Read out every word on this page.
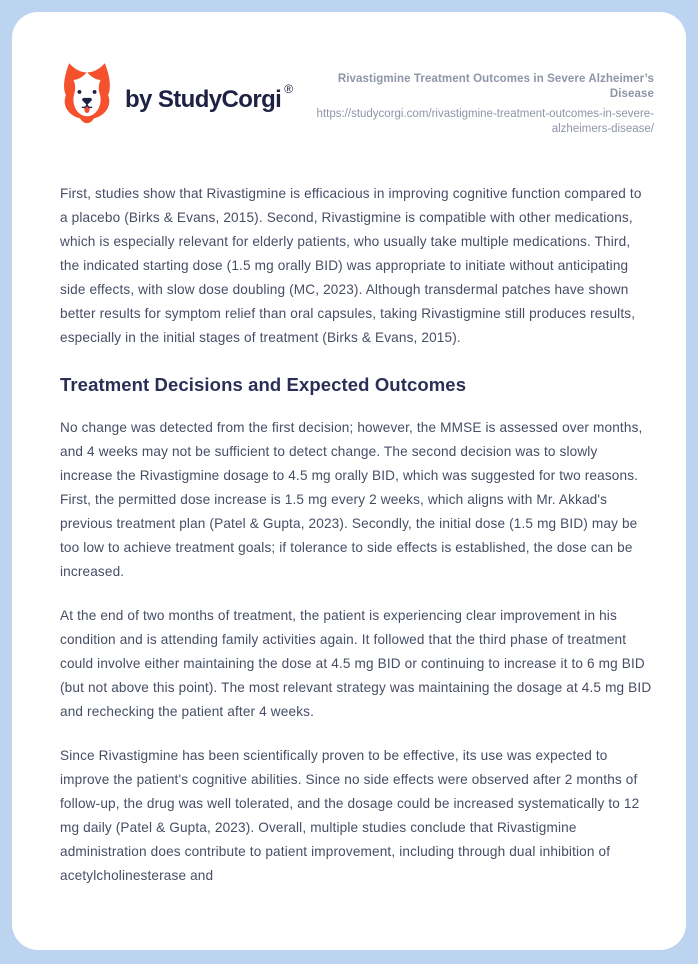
by StudyCorgi ®
Rivastigmine Treatment Outcomes in Severe Alzheimer’s Disease
https://studycorgi.com/rivastigmine-treatment-outcomes-in-severe-alzheimers-disease/

First, studies show that Rivastigmine is efficacious in improving cognitive function compared to a placebo (Birks & Evans, 2015). Second, Rivastigmine is compatible with other medications, which is especially relevant for elderly patients, who usually take multiple medications. Third, the indicated starting dose (1.5 mg orally BID) was appropriate to initiate without anticipating side effects, with slow dose doubling (MC, 2023). Although transdermal patches have shown better results for symptom relief than oral capsules, taking Rivastigmine still produces results, especially in the initial stages of treatment (Birks & Evans, 2015).

Treatment Decisions and Expected Outcomes

No change was detected from the first decision; however, the MMSE is assessed over months, and 4 weeks may not be sufficient to detect change. The second decision was to slowly increase the Rivastigmine dosage to 4.5 mg orally BID, which was suggested for two reasons. First, the permitted dose increase is 1.5 mg every 2 weeks, which aligns with Mr. Akkad's previous treatment plan (Patel & Gupta, 2023). Secondly, the initial dose (1.5 mg BID) may be too low to achieve treatment goals; if tolerance to side effects is established, the dose can be increased.

At the end of two months of treatment, the patient is experiencing clear improvement in his condition and is attending family activities again. It followed that the third phase of treatment could involve either maintaining the dose at 4.5 mg BID or continuing to increase it to 6 mg BID (but not above this point). The most relevant strategy was maintaining the dosage at 4.5 mg BID and rechecking the patient after 4 weeks.

Since Rivastigmine has been scientifically proven to be effective, its use was expected to improve the patient's cognitive abilities. Since no side effects were observed after 2 months of follow-up, the drug was well tolerated, and the dosage could be increased systematically to 12 mg daily (Patel & Gupta, 2023). Overall, multiple studies conclude that Rivastigmine administration does contribute to patient improvement, including through dual inhibition of acetylcholinesterase and
